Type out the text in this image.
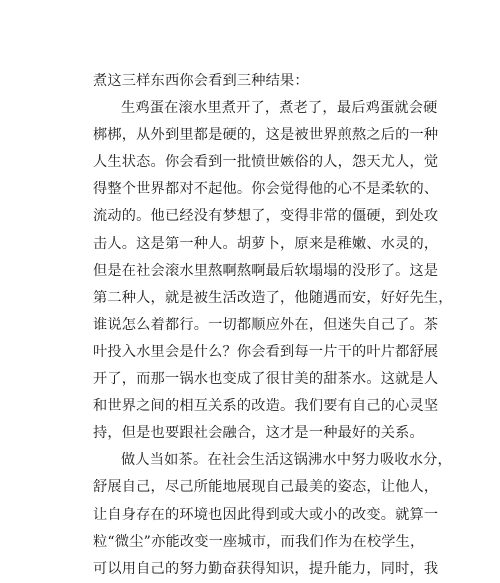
煮这三样东西你会看到三种结果：
生鸡蛋在滚水里煮开了，煮老了，最后鸡蛋就会硬
梆梆，从外到里都是硬的，这是被世界煎熬之后的一种
人生状态。你会看到一批愤世嫉俗的人，怨天尤人，觉
得整个世界都对不起他。你会觉得他的心不是柔软的、
流动的。他已经没有梦想了，变得非常的僵硬，到处攻
击人。这是第一种人。胡萝卜，原来是稚嫩、水灵的，
但是在社会滚水里熬啊熬啊最后软塌塌的没形了。这是
第二种人，就是被生活改造了，他随遇而安，好好先生，
谁说怎么着都行。一切都顺应外在，但迷失自己了。茶
叶投入水里会是什么？你会看到每一片干的叶片都舒展
开了，而那一锅水也变成了很甘美的甜茶水。这就是人
和世界之间的相互关系的改造。我们要有自己的心灵坚
持，但是也要跟社会融合，这才是一种最好的关系。
做人当如茶。在社会生活这锅沸水中努力吸收水分，
舒展自己，尽己所能地展现自己最美的姿态，让他人，
让自身存在的环境也因此得到或大或小的改变。就算一
粒“微尘”亦能改变一座城市，而我们作为在校学生，
可以用自己的努力勤奋获得知识，提升能力，同时，我
